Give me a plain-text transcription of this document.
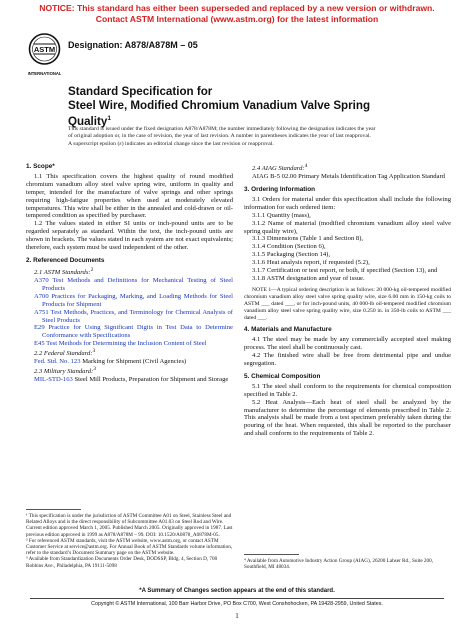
NOTICE: This standard has either been superseded and replaced by a new version or withdrawn.
Contact ASTM International (www.astm.org) for the latest information
ASTM
INTERNATIONAL
Designation: A878/A878M – 05
Standard Specification for
Steel Wire, Modified Chromium Vanadium Valve Spring
Quality$^1$
This standard is issued under the fixed designation A878/A878M; the number immediately following the designation indicates the year
of original adoption or, in the case of revision, the year of last revision. A number in parentheses indicates the year of last reapproval.
A superscript epsilon (ε) indicates an editorial change since the last revision or reapproval.

1. Scope*

1.1 This specification covers the highest quality of round modified chromium vanadium alloy steel valve spring wire, uniform in quality and temper, intended for the manufacture of valve springs and other springs requiring high-fatigue properties when used at moderately elevated temperatures. This wire shall be either in the annealed and cold-drawn or oil-tempered condition as specified by purchaser.

1.2 The values stated in either SI units or inch-pound units are to be regarded separately as standard. Within the text, the inch-pound units are shown in brackets. The values stated in each system are not exact equivalents; therefore, each system must be used independent of the other.

2. Referenced Documents

2.1 ASTM Standards:$^2$

A370 Test Methods and Definitions for Mechanical Testing of Steel Products

A700 Practices for Packaging, Marking, and Loading Methods for Steel Products for Shipment

A751 Test Methods, Practices, and Terminology for Chemical Analysis of Steel Products

E29 Practice for Using Significant Digits in Test Data to Determine Conformance with Specifications

E45 Test Methods for Determining the Inclusion Content of Steel

2.2 Federal Standard:$^3$

Fed. Std. No. 123 Marking for Shipment (Civil Agencies)

2.3 Military Standard:$^3$

MIL-STD-163 Steel Mill Products, Preparation for Shipment and Storage

¹ This specification is under the jurisdiction of ASTM Committee A01 on Steel, Stainless Steel and Related Alloys and is the direct responsibility of Subcommittee A01.03 on Steel Rod and Wire.

Current edition approved March 1, 2005. Published March 2005. Originally approved in 1987. Last previous edition approved in 1999 as A878/A878M – 99. DOI: 10.1520/A0878_A0878M-05.

² For referenced ASTM standards, visit the ASTM website, www.astm.org, or contact ASTM Customer Service at service@astm.org. For Annual Book of ASTM Standards volume information, refer to the standard’s Document Summary page on the ASTM website.

³ Available from Standardization Documents Order Desk, DODSSP, Bldg. 4, Section D, 700 Robbins Ave., Philadelphia, PA 19111-5098

2.4 AIAG Standard:$^4$

AIAG B-5 02.00 Primary Metals Identification Tag Application Standard

3. Ordering Information

3.1 Orders for material under this specification shall include the following information for each ordered item:

3.1.1 Quantity (mass),

3.1.2 Name of material (modified chromium vanadium alloy steel valve spring quality wire),

3.1.3 Dimensions (Table 1 and Section 8),

3.1.4 Condition (Section 6),

3.1.5 Packaging (Section 14),

3.1.6 Heat analysis report, if requested (5.2),

3.1.7 Certification or test report, or both, if specified (Section 13), and

3.1.8 ASTM designation and year of issue.

NOTE 1—A typical ordering description is as follows: 20 000-kg oil-tempered modified chromium vanadium alloy steel valve spring quality wire, size 6.00 mm in 150-kg coils to ASTM ___ dated ___, or for inch-pound units, 40 000-lb oil-tempered modified chromium vanadium alloy steel valve spring quality wire, size 0.250 in. in 350-lb coils to ASTM ___ dated ___.

4. Materials and Manufacture

4.1 The steel may be made by any commercially accepted steel making process. The steel shall be continuously cast.

4.2 The finished wire shall be free from detrimental pipe and undue segregation.

5. Chemical Composition

5.1 The steel shall conform to the requirements for chemical composition specified in Table 2.

5.2 Heat Analysis—Each heat of steel shall be analyzed by the manufacturer to determine the percentage of elements prescribed in Table 2. This analysis shall be made from a test specimen preferably taken during the pouring of the heat. When requested, this shall be reported to the purchaser and shall conform to the requirements of Table 2.

⁴ Available from Automotive Industry Action Group (AIAG), 26200 Lahser Rd., Suite 200, Southfield, MI 48034.

*A Summary of Changes section appears at the end of this standard.
Copyright © ASTM International, 100 Barr Harbor Drive, PO Box C700, West Conshohocken, PA 19428-2959, United States.
1
